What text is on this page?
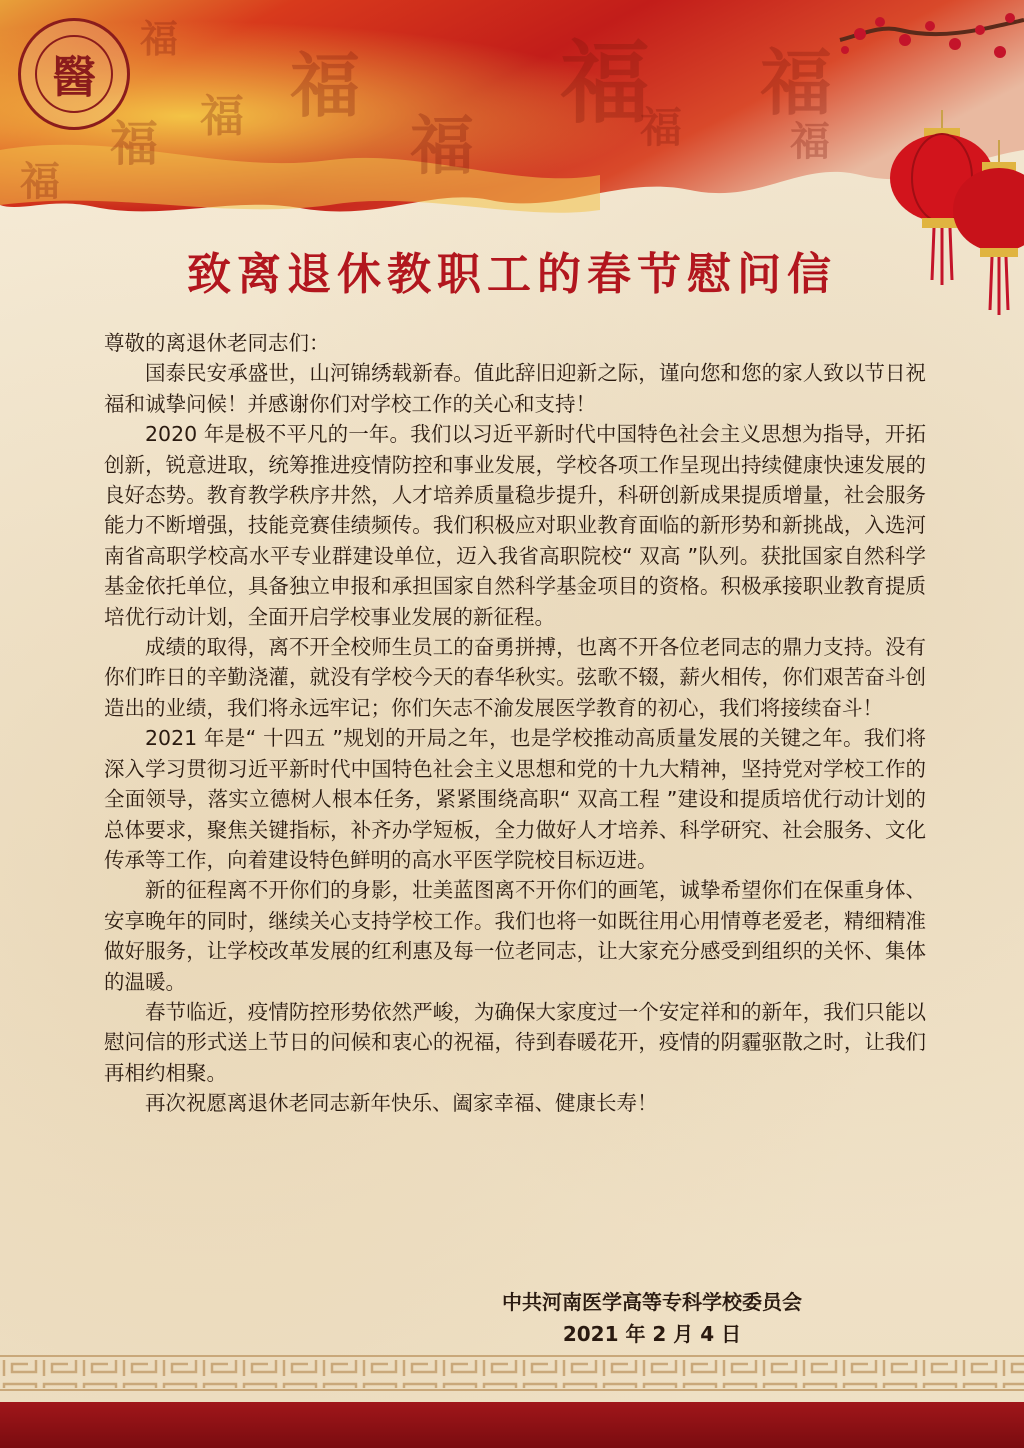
福
福
福	福
福
福
福
福
福
福
醫
致离退休教职工的春节慰问信

尊敬的离退休老同志们：

国泰民安承盛世，山河锦绣载新春。值此辞旧迎新之际，谨向您和您的家人致以节日祝福和诚挚问候！并感谢你们对学校工作的关心和支持！

2020 年是极不平凡的一年。我们以习近平新时代中国特色社会主义思想为指导，开拓创新，锐意进取，统筹推进疫情防控和事业发展，学校各项工作呈现出持续健康快速发展的良好态势。教育教学秩序井然，人才培养质量稳步提升，科研创新成果提质增量，社会服务能力不断增强，技能竞赛佳绩频传。我们积极应对职业教育面临的新形势和新挑战，入选河南省高职学校高水平专业群建设单位，迈入我省高职院校“ 双高 ”队列。获批国家自然科学基金依托单位，具备独立申报和承担国家自然科学基金项目的资格。积极承接职业教育提质培优行动计划，全面开启学校事业发展的新征程。

成绩的取得，离不开全校师生员工的奋勇拼搏，也离不开各位老同志的鼎力支持。没有你们昨日的辛勤浇灌，就没有学校今天的春华秋实。弦歌不辍，薪火相传，你们艰苦奋斗创造出的业绩，我们将永远牢记；你们矢志不渝发展医学教育的初心，我们将接续奋斗！

2021 年是“ 十四五 ”规划的开局之年，也是学校推动高质量发展的关键之年。我们将深入学习贯彻习近平新时代中国特色社会主义思想和党的十九大精神，坚持党对学校工作的全面领导，落实立德树人根本任务，紧紧围绕高职“ 双高工程 ”建设和提质培优行动计划的总体要求，聚焦关键指标，补齐办学短板，全力做好人才培养、科学研究、社会服务、文化传承等工作，向着建设特色鲜明的高水平医学院校目标迈进。

新的征程离不开你们的身影，壮美蓝图离不开你们的画笔，诚挚希望你们在保重身体、安享晚年的同时，继续关心支持学校工作。我们也将一如既往用心用情尊老爱老，精细精准做好服务，让学校改革发展的红利惠及每一位老同志，让大家充分感受到组织的关怀、集体的温暖。

春节临近，疫情防控形势依然严峻，为确保大家度过一个安定祥和的新年，我们只能以慰问信的形式送上节日的问候和衷心的祝福，待到春暖花开，疫情的阴霾驱散之时，让我们再相约相聚。

再次祝愿离退休老同志新年快乐、阖家幸福、健康长寿！

中共河南医学高等专科学校委员会
2021 年 2 月 4 日
